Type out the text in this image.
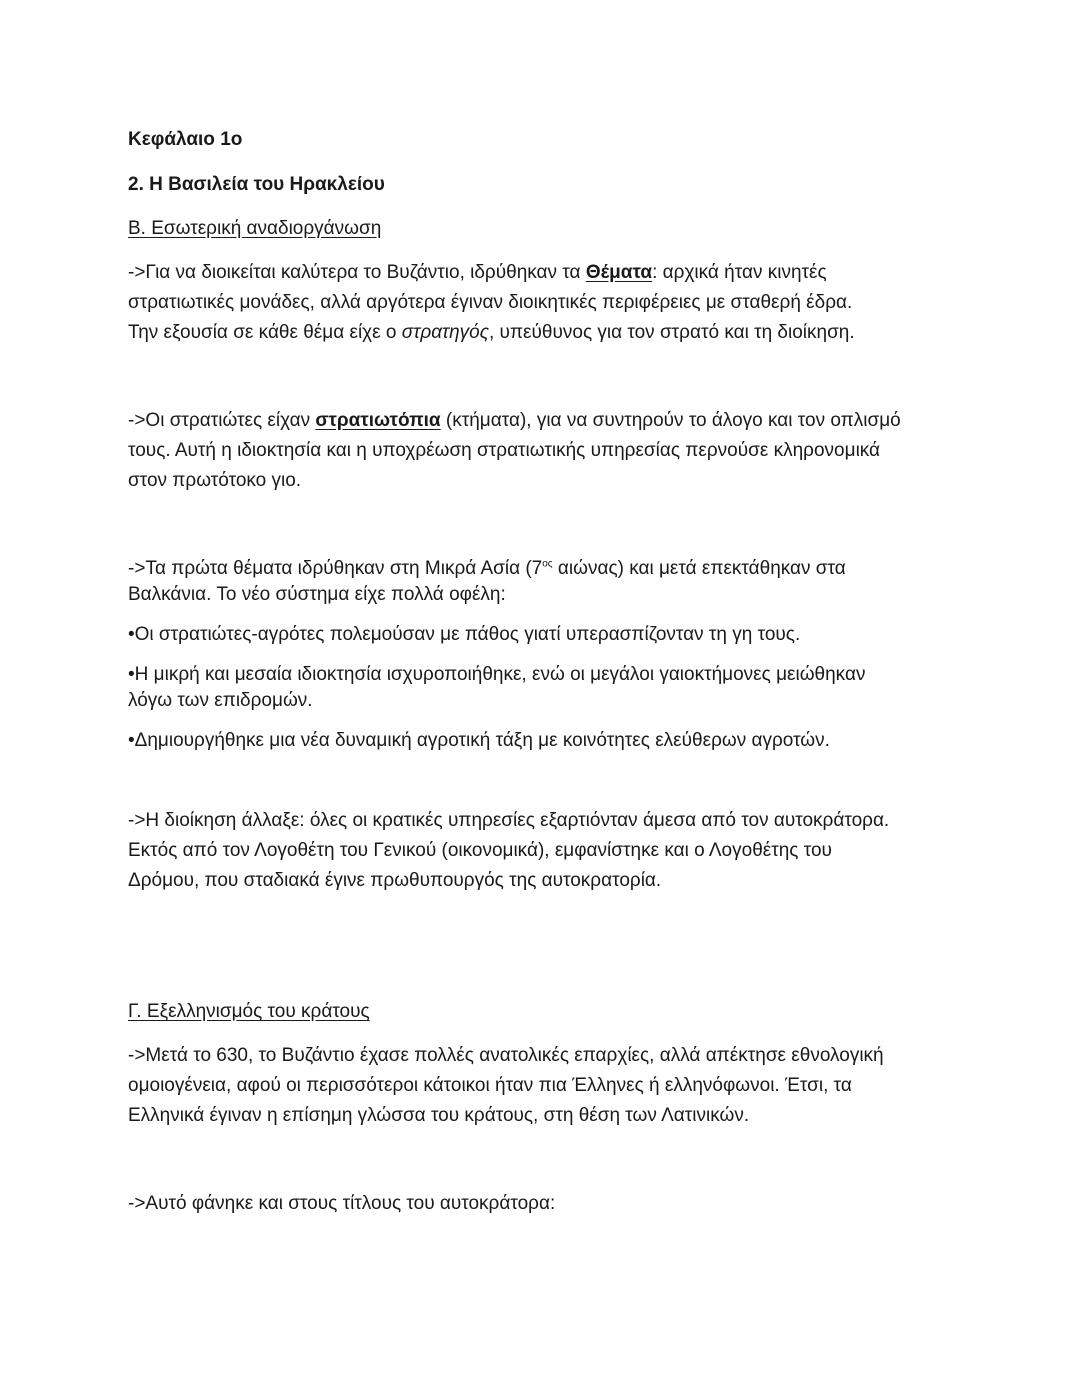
Κεφάλαιο 1ο
2. Η Βασιλεία του Ηρακλείου
Β. Εσωτερική αναδιοργάνωση
->Για να διοικείται καλύτερα το Βυζάντιο, ιδρύθηκαν τα Θέματα: αρχικά ήταν κινητές
στρατιωτικές μονάδες, αλλά αργότερα έγιναν διοικητικές περιφέρειες με σταθερή έδρα.
Την εξουσία σε κάθε θέμα είχε ο στρατηγός, υπεύθυνος για τον στρατό και τη διοίκηση.
->Οι στρατιώτες είχαν στρατιωτόπια (κτήματα), για να συντηρούν το άλογο και τον οπλισμό
τους. Αυτή η ιδιοκτησία και η υποχρέωση στρατιωτικής υπηρεσίας περνούσε κληρονομικά
στον πρωτότοκο γιο.
->Τα πρώτα θέματα ιδρύθηκαν στη Μικρά Ασία ($7^{o\varsigma}$ αιώνας) και μετά επεκτάθηκαν στα
Βαλκάνια. Το νέο σύστημα είχε πολλά οφέλη:
•Οι στρατιώτες-αγρότες πολεμούσαν με πάθος γιατί υπερασπίζονταν τη γη τους.
•Η μικρή και μεσαία ιδιοκτησία ισχυροποιήθηκε, ενώ οι μεγάλοι γαιοκτήμονες μειώθηκαν
λόγω των επιδρομών.
•Δημιουργήθηκε μια νέα δυναμική αγροτική τάξη με κοινότητες ελεύθερων αγροτών.
->Η διοίκηση άλλαξε: όλες οι κρατικές υπηρεσίες εξαρτιόνταν άμεσα από τον αυτοκράτορα.
Εκτός από τον Λογοθέτη του Γενικού (οικονομικά), εμφανίστηκε και ο Λογοθέτης του
Δρόμου, που σταδιακά έγινε πρωθυπουργός της αυτοκρατορία.
Γ. Εξελληνισμός του κράτους
->Μετά το 630, το Βυζάντιο έχασε πολλές ανατολικές επαρχίες, αλλά απέκτησε εθνολογική
ομοιογένεια, αφού οι περισσότεροι κάτοικοι ήταν πια Έλληνες ή ελληνόφωνοι. Έτσι, τα
Ελληνικά έγιναν η επίσημη γλώσσα του κράτους, στη θέση των Λατινικών.
->Αυτό φάνηκε και στους τίτλους του αυτοκράτορα:
